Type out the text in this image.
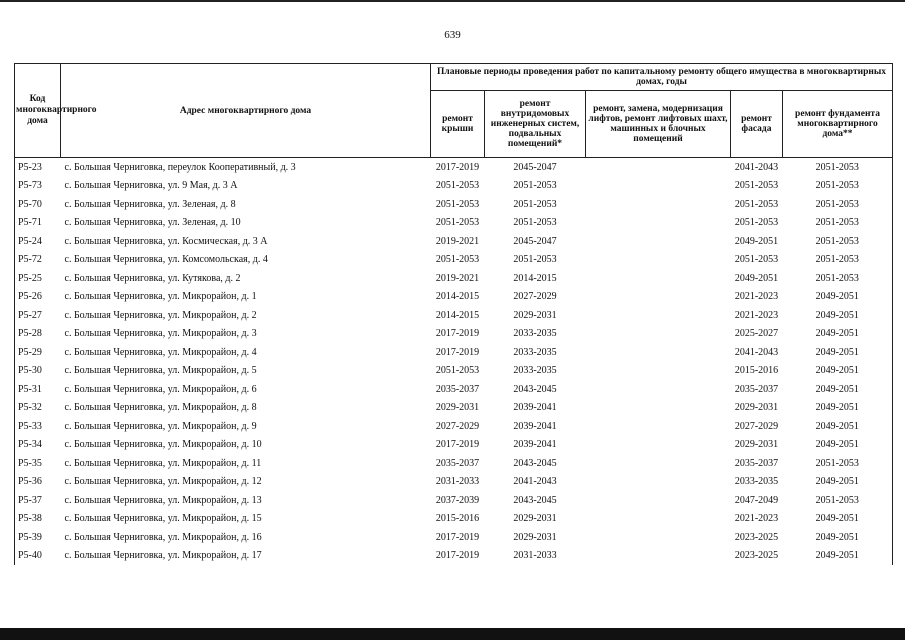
639
Код многоквартирного дома	Адрес многоквартирного дома	Плановые периоды проведения работ по капитальному ремонту общего имущества в многоквартирных домах, годы				
		ремонт крыши	ремонт внутридомовых инженерных систем, подвальных помещений*	ремонт, замена, модернизация лифтов, ремонт лифтовых шахт, машинных и блочных помещений	ремонт фасада	ремонт фундамента многоквартирного дома**
Р5-23	с. Большая Черниговка, переулок Кооперативный, д. 3	2017-2019	2045-2047		2041-2043	2051-2053
Р5-73	с. Большая Черниговка, ул. 9 Мая, д. 3 А	2051-2053	2051-2053		2051-2053	2051-2053
Р5-70	с. Большая Черниговка, ул. Зеленая, д. 8	2051-2053	2051-2053		2051-2053	2051-2053
Р5-71	с. Большая Черниговка, ул. Зеленая, д. 10	2051-2053	2051-2053		2051-2053	2051-2053
Р5-24	с. Большая Черниговка, ул. Космическая, д. 3 А	2019-2021	2045-2047		2049-2051	2051-2053
Р5-72	с. Большая Черниговка, ул. Комсомольская, д. 4	2051-2053	2051-2053		2051-2053	2051-2053
Р5-25	с. Большая Черниговка, ул. Кутякова, д. 2	2019-2021	2014-2015		2049-2051	2051-2053
Р5-26	с. Большая Черниговка, ул. Микрорайон, д. 1	2014-2015	2027-2029		2021-2023	2049-2051
Р5-27	с. Большая Черниговка, ул. Микрорайон, д. 2	2014-2015	2029-2031		2021-2023	2049-2051
Р5-28	с. Большая Черниговка, ул. Микрорайон, д. 3	2017-2019	2033-2035		2025-2027	2049-2051
Р5-29	с. Большая Черниговка, ул. Микрорайон, д. 4	2017-2019	2033-2035		2041-2043	2049-2051
Р5-30	с. Большая Черниговка, ул. Микрорайон, д. 5	2051-2053	2033-2035		2015-2016	2049-2051
Р5-31	с. Большая Черниговка, ул. Микрорайон, д. 6	2035-2037	2043-2045		2035-2037	2049-2051
Р5-32	с. Большая Черниговка, ул. Микрорайон, д. 8	2029-2031	2039-2041		2029-2031	2049-2051
Р5-33	с. Большая Черниговка, ул. Микрорайон, д. 9	2027-2029	2039-2041		2027-2029	2049-2051
Р5-34	с. Большая Черниговка, ул. Микрорайон, д. 10	2017-2019	2039-2041		2029-2031	2049-2051
Р5-35	с. Большая Черниговка, ул. Микрорайон, д. 11	2035-2037	2043-2045		2035-2037	2051-2053
Р5-36	с. Большая Черниговка, ул. Микрорайон, д. 12	2031-2033	2041-2043		2033-2035	2049-2051
Р5-37	с. Большая Черниговка, ул. Микрорайон, д. 13	2037-2039	2043-2045		2047-2049	2051-2053
Р5-38	с. Большая Черниговка, ул. Микрорайон, д. 15	2015-2016	2029-2031		2021-2023	2049-2051
Р5-39	с. Большая Черниговка, ул. Микрорайон, д. 16	2017-2019	2029-2031		2023-2025	2049-2051
Р5-40	с. Большая Черниговка, ул. Микрорайон, д. 17	2017-2019	2031-2033		2023-2025	2049-2051
